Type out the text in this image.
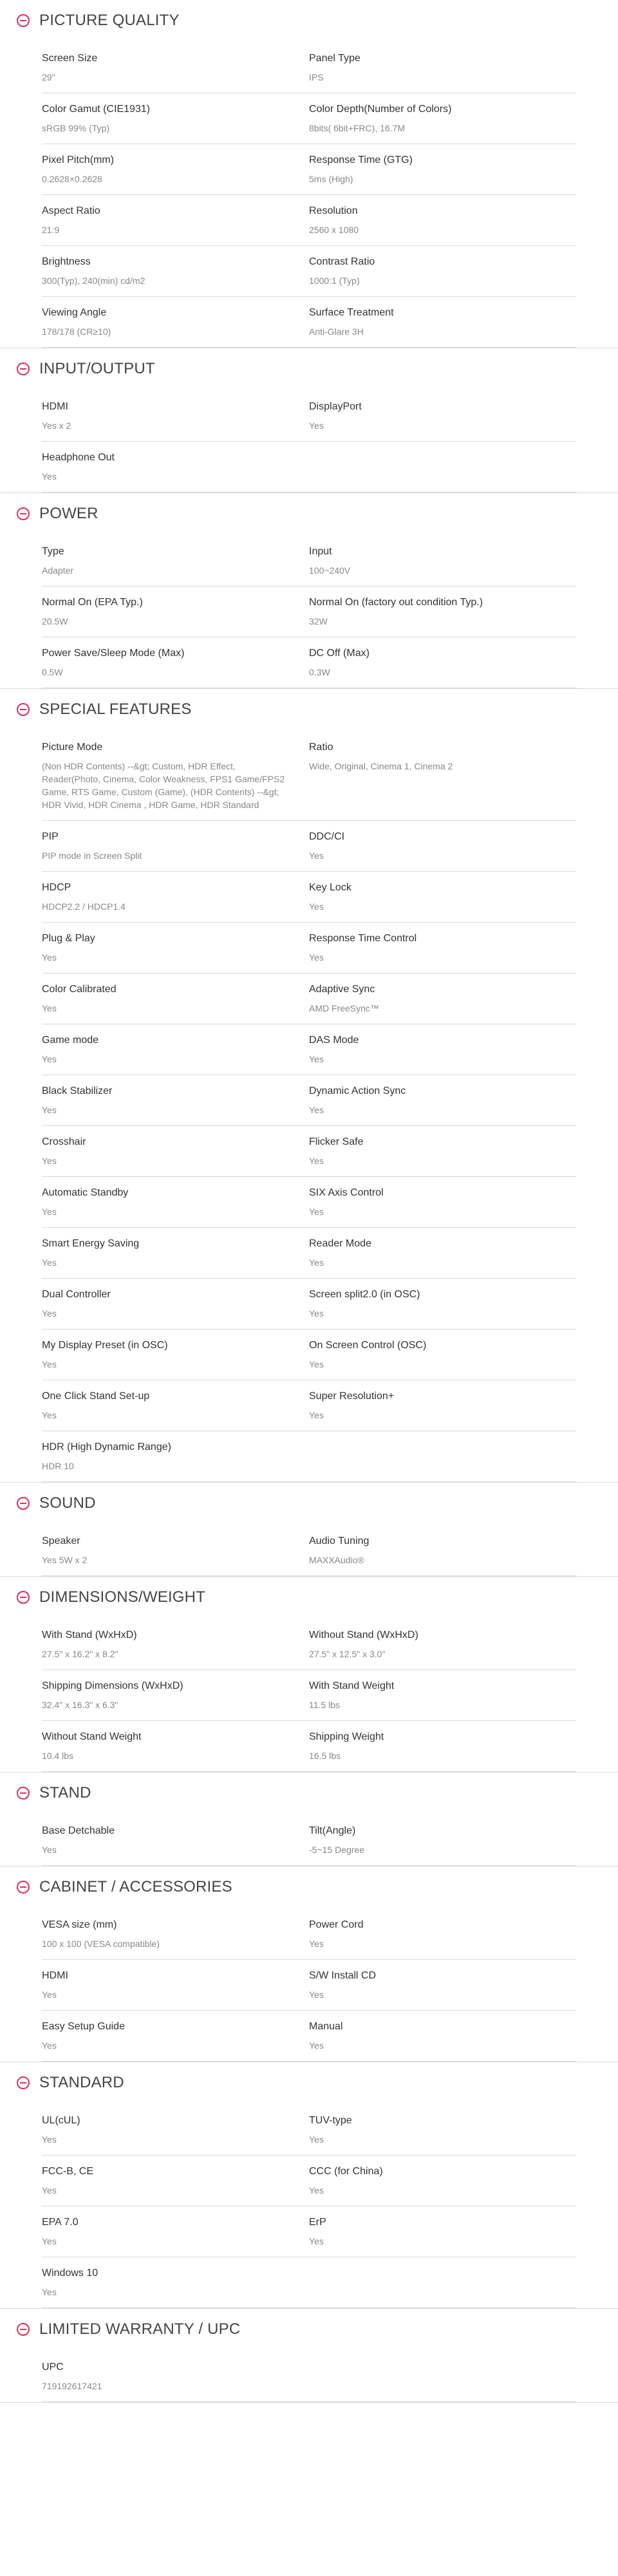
PICTURE QUALITY
Screen Size
29"
Panel Type
IPS
Color Gamut (CIE1931)
sRGB 99% (Typ)
Color Depth(Number of Colors)
8bits( 6bit+FRC), 16.7M
Pixel Pitch(mm)
0.2628×0.2628
Response Time (GTG)
5ms (High)
Aspect Ratio
21:9
Resolution
2560 x 1080
Brightness
300(Typ), 240(min) cd/m2
Contrast Ratio
1000:1 (Typ)
Viewing Angle
178/178 (CR≥10)
Surface Treatment
Anti-Glare 3H
INPUT/OUTPUT
HDMI
Yes x 2
DisplayPort
Yes
Headphone Out
Yes
POWER
Type
Adapter
Input
100~240V
Normal On (EPA Typ.)
20.5W
Normal On (factory out condition Typ.)
32W
Power Save/Sleep Mode (Max)
0.5W
DC Off (Max)
0.3W
SPECIAL FEATURES
Picture Mode
(Non HDR Contents) --&gt; Custom, HDR Effect, Reader(Photo, Cinema, Color Weakness, FPS1 Game/FPS2 Game, RTS Game, Custom (Game), (HDR Contents) --&gt; HDR Vivid, HDR Cinema , HDR Game, HDR Standard
Ratio
Wide, Original, Cinema 1, Cinema 2
PIP
PIP mode in Screen Split
DDC/CI
Yes
HDCP
HDCP2.2 / HDCP1.4
Key Lock
Yes
Plug & Play
Yes
Response Time Control
Yes
Color Calibrated
Yes
Adaptive Sync
AMD FreeSync™
Game mode
Yes
DAS Mode
Yes
Black Stabilizer
Yes
Dynamic Action Sync
Yes
Crosshair
Yes
Flicker Safe
Yes
Automatic Standby
Yes
SIX Axis Control
Yes
Smart Energy Saving
Yes
Reader Mode
Yes
Dual Controller
Yes
Screen split2.0 (in OSC)
Yes
My Display Preset (in OSC)
Yes
On Screen Control (OSC)
Yes
One Click Stand Set-up
Yes
Super Resolution+
Yes
HDR (High Dynamic Range)
HDR 10
SOUND
Speaker
Yes 5W x 2
Audio Tuning
MAXXAudio®
DIMENSIONS/WEIGHT
With Stand (WxHxD)
27.5" x 16.2" x 8.2"
Without Stand (WxHxD)
27.5" x 12.5" x 3.0"
Shipping Dimensions (WxHxD)
32.4" x 16.3" x 6.3"
With Stand Weight
11.5 lbs
Without Stand Weight
10.4 lbs
Shipping Weight
16.5 lbs
STAND
Base Detchable
Yes
Tilt(Angle)
-5~15 Degree
CABINET / ACCESSORIES
VESA size (mm)
100 x 100 (VESA compatible)
Power Cord
Yes
HDMI
Yes
S/W Install CD
Yes
Easy Setup Guide
Yes
Manual
Yes
STANDARD
UL(cUL)
Yes
TUV-type
Yes
FCC-B, CE
Yes
CCC (for China)
Yes
EPA 7.0
Yes
ErP
Yes
Windows 10
Yes
LIMITED WARRANTY / UPC
UPC
719192617421
